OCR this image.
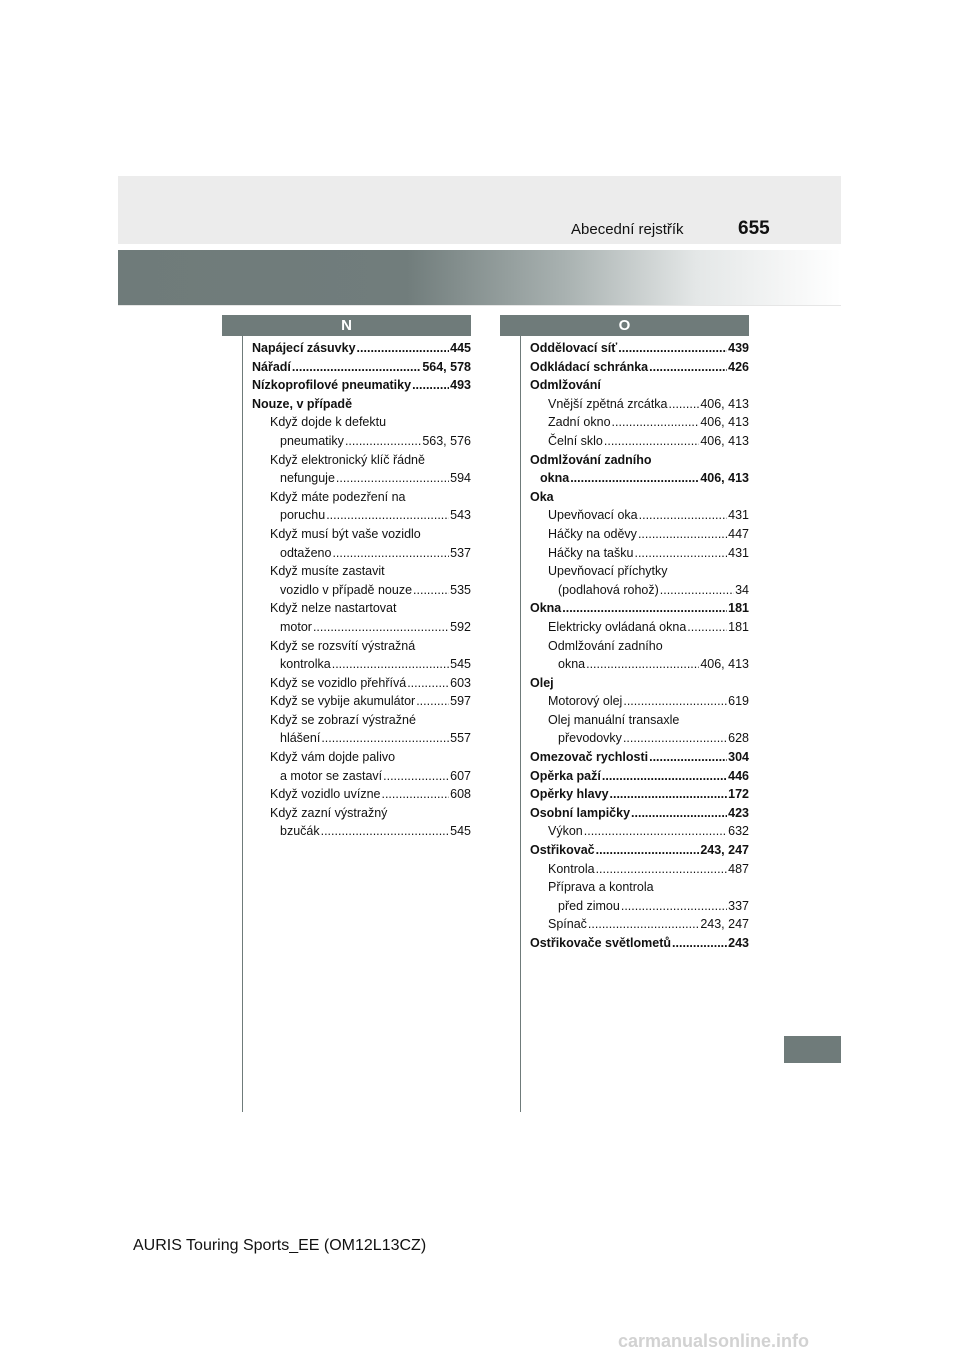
Abecední rejstřík	655
N	O
Napájecí zásuvky .....	445
Nářadí .....	564, 578
Nízkoprofilové pneumatiky .....	493
Nouze, v případě
Když dojde k defektu
pneumatiky .....	563, 576
Když elektronický klíč řádně
nefunguje .....	594
Když máte podezření na
poruchu .....	543
Když musí být vaše vozidlo
odtaženo .....	537
Když musíte zastavit
vozidlo v případě nouze .....	535
Když nelze nastartovat
motor .....	592
Když se rozsvítí výstražná
kontrolka .....	545
Když se vozidlo přehřívá .....	603
Když se vybije akumulátor .....	597
Když se zobrazí výstražné
hlášení .....	557
Když vám dojde palivo
a motor se zastaví .....	607
Když vozidlo uvízne .....	608
Když zazní výstražný
bzučák .....	545
Oddělovací síť .....	439
Odkládací schránka .....	426
Odmlžování
Vnější zpětná zrcátka .....	406, 413
Zadní okno .....	406, 413
Čelní sklo .....	406, 413
Odmlžování zadního
okna .....	406, 413
Oka
Upevňovací oka .....	431
Háčky na oděvy .....	447
Háčky na tašku .....	431
Upevňovací příchytky
(podlahová rohož) .....	34
Okna .....	181
Elektricky ovládaná okna .....	181
Odmlžování zadního
okna .....	406, 413
Olej
Motorový olej .....	619
Olej manuální transaxle
převodovky .....	628
Omezovač rychlosti .....	304
Opěrka paží .....	446
Opěrky hlavy .....	172
Osobní lampičky .....	423
Výkon .....	632
Ostřikovač .....	243, 247
Kontrola .....	487
Příprava a kontrola
před zimou .....	337
Spínač .....	243, 247
Ostřikovače světlometů .....	243
AURIS Touring Sports_EE (OM12L13CZ)
carmanualsonline.info
